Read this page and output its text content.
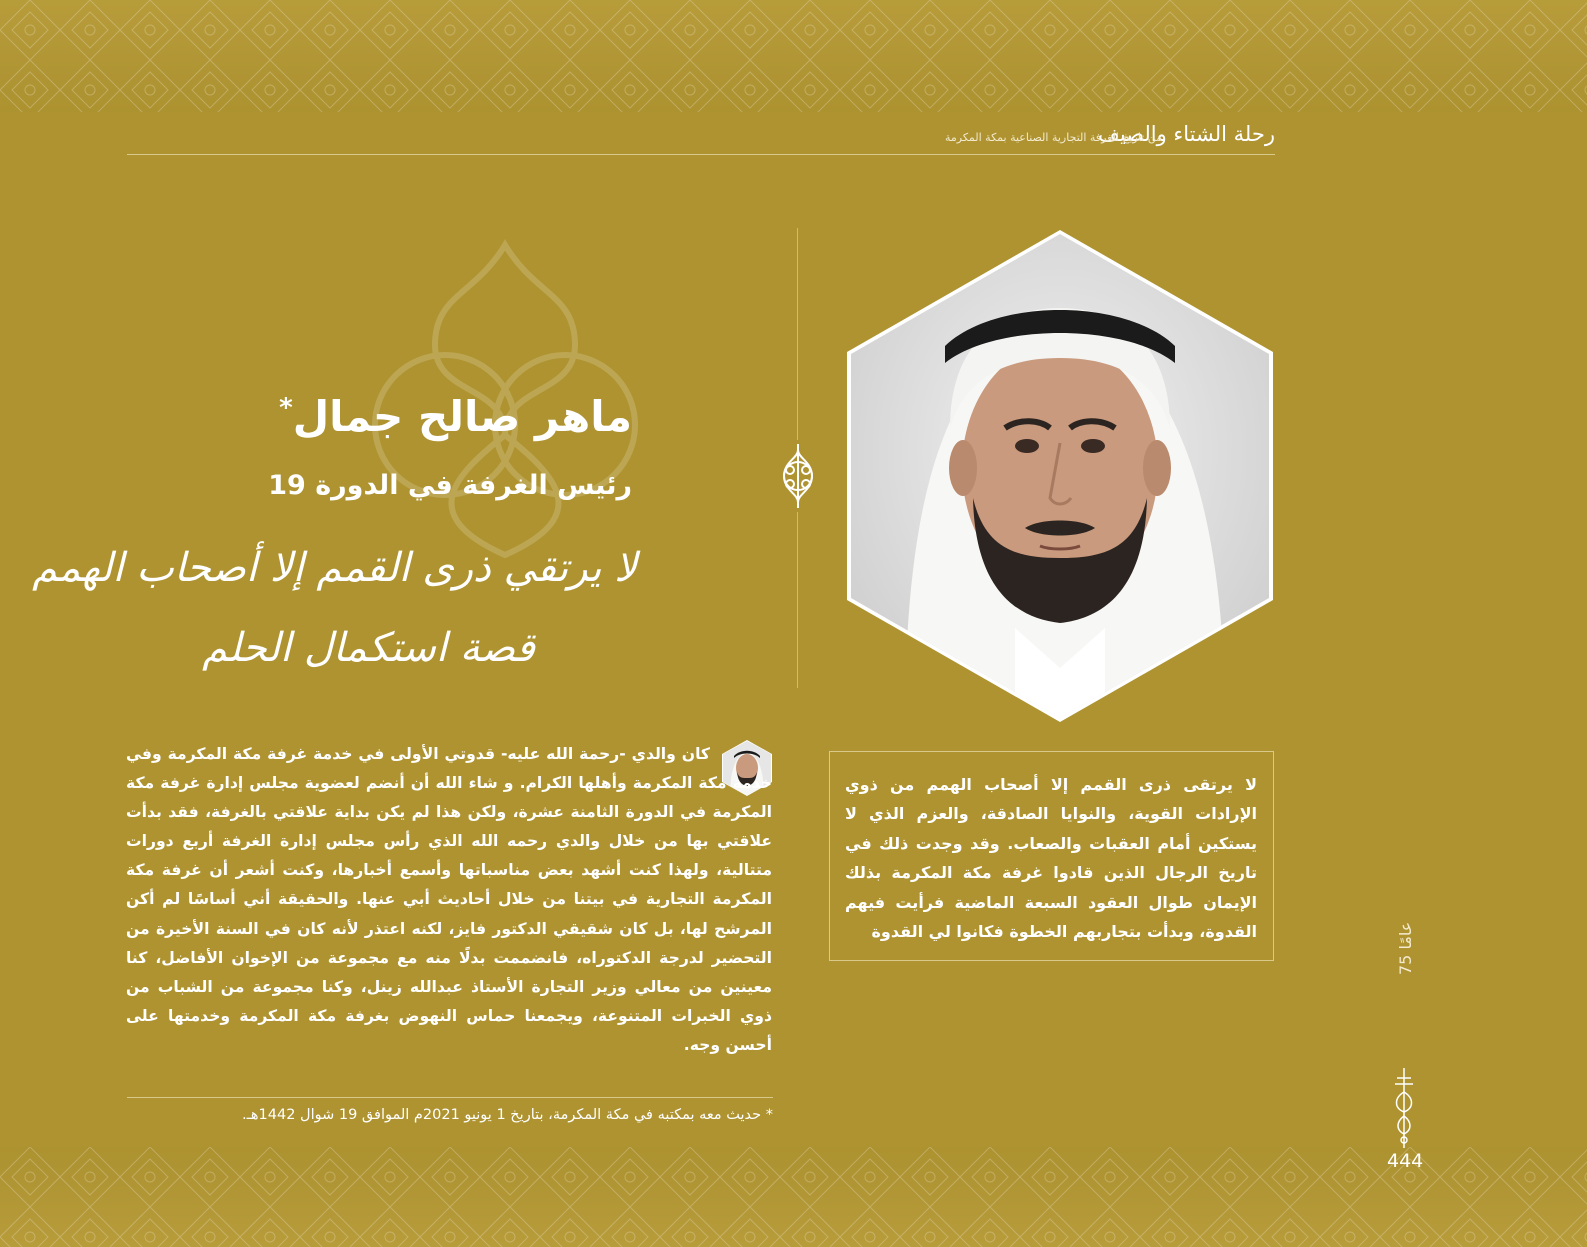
رحلة الشتاء والصيف
من تاريخ الغرفة التجارية الصناعية بمكة المكرمة
ماهر صالح جمال*
رئيس الغرفة في الدورة 19
لا يرتقي ذرى القمم إلا أصحاب الهمم
قصة استكمال الحلم
كان والدي -رحمة الله عليه- قدوتي الأولى في خدمة غرفة مكة المكرمة وفي خدمة مكة المكرمة وأهلها الكرام. و شاء الله أن أنضم لعضوية مجلس إدارة غرفة مكة المكرمة في الدورة الثامنة عشرة، ولكن هذا لم يكن بداية علاقتي بالغرفة، فقد بدأت علاقتي بها من خلال والدي رحمه الله الذي رأس مجلس إدارة الغرفة أربع دورات متتالية، ولهذا كنت أشهد بعض مناسباتها وأسمع أخبارها، وكنت أشعر أن غرفة مكة المكرمة التجارية في بيتنا من خلال أحاديث أبي عنها. والحقيقة أني أساسًا لم أكن المرشح لها، بل كان شقيقي الدكتور فايز، لكنه اعتذر لأنه كان في السنة الأخيرة من التحضير لدرجة الدكتوراه، فانضممت بدلًا منه مع مجموعة من الإخوان الأفاضل، كنا معينين من معالي وزير التجارة الأستاذ عبدالله زينل، وكنا مجموعة من الشباب من ذوي الخبرات المتنوعة، ويجمعنا حماس النهوض بغرفة مكة المكرمة وخدمتها على أحسن وجه.
* حديث معه بمكتبه في مكة المكرمة، بتاريخ 1 يونيو 2021م الموافق 19 شوال 1442هـ.
لا يرتقى ذرى القمم إلا أصحاب الهمم من ذوي الإرادات القوية، والنوايا الصادقة، والعزم الذي لا يستكين أمام العقبات والصعاب. وقد وجدت ذلك في تاريخ الرجال الذين قادوا غرفة مكة المكرمة بذلك الإيمان طوال العقود السبعة الماضية فرأيت فيهم القدوة، وبدأت بتجاربهم الخطوة فكانوا لي القدوة
75 عامًا
444
